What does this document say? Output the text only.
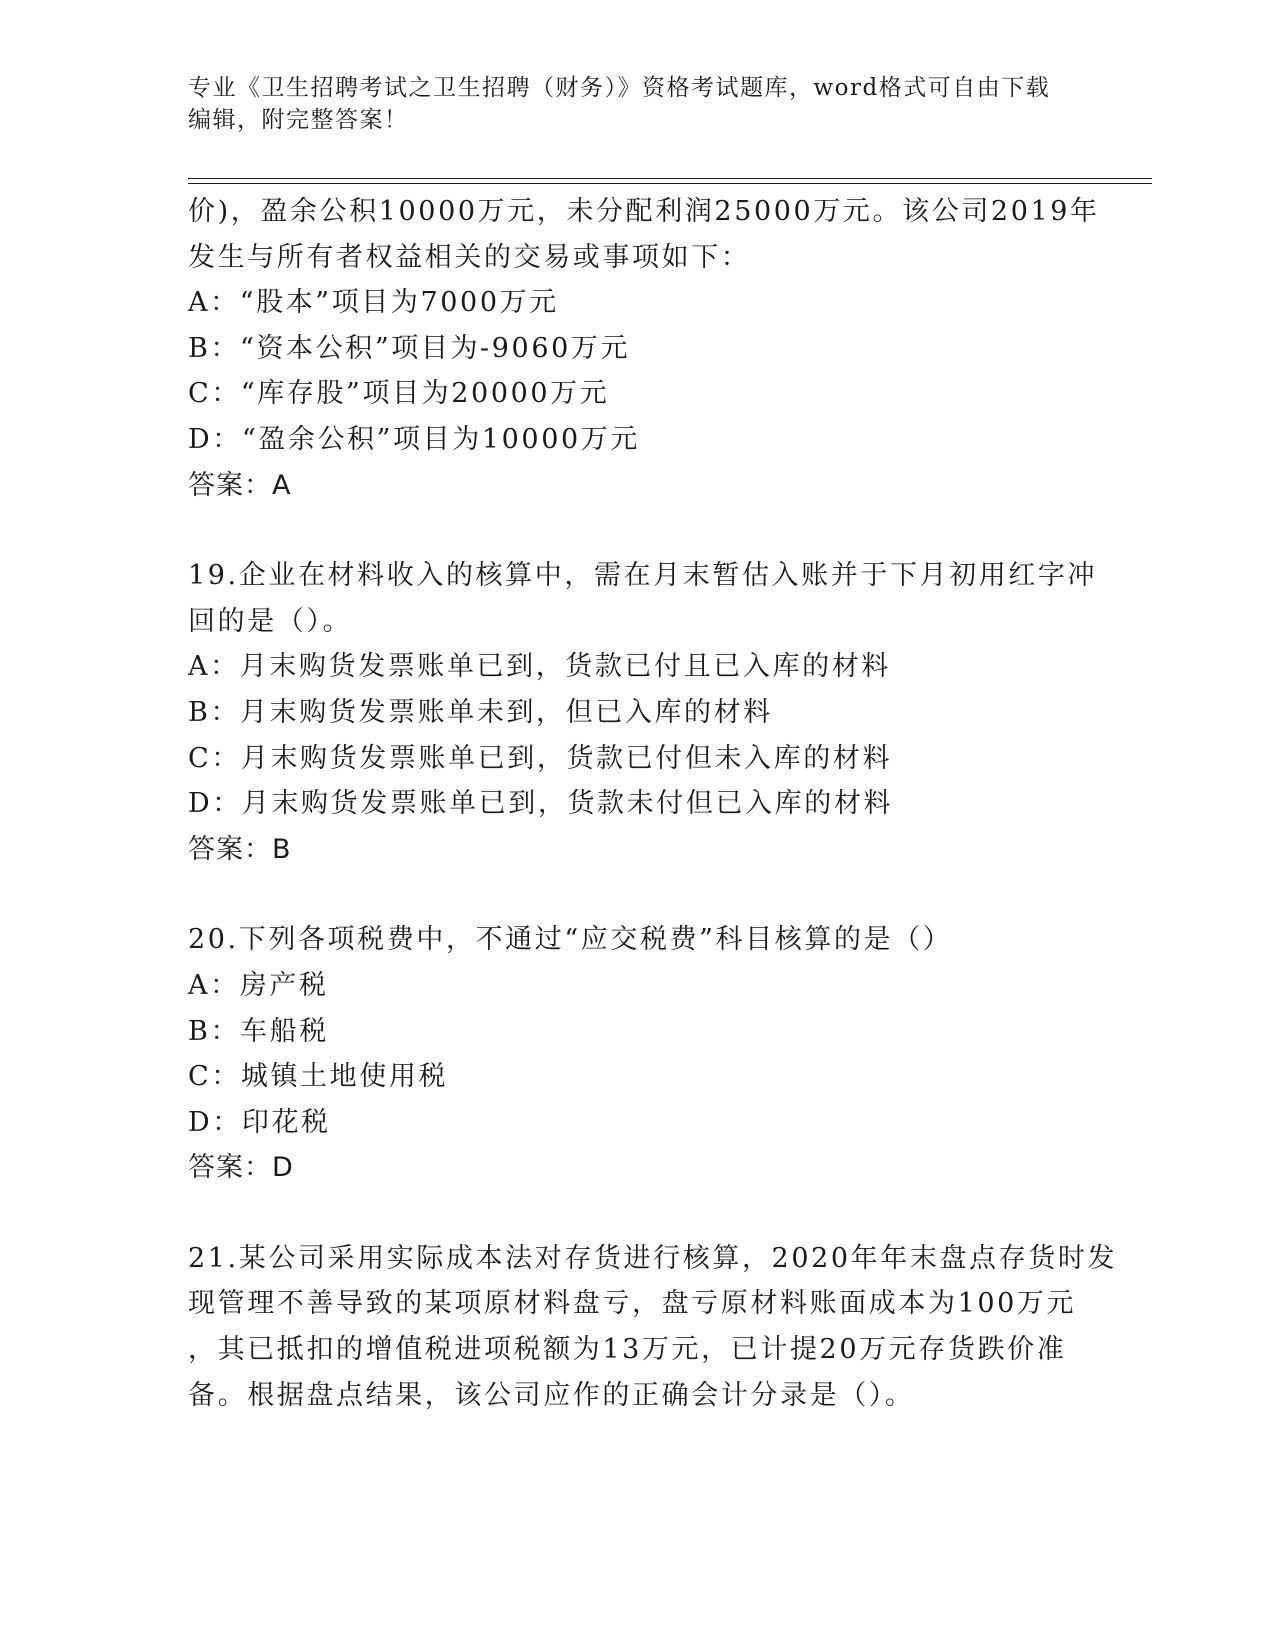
专业《卫生招聘考试之卫生招聘（财务）》资格考试题库，word格式可自由下载
编辑，附完整答案！
价)，盈余公积10000万元，未分配利润25000万元。该公司2019年
发生与所有者权益相关的交易或事项如下：
A：“股本”项目为7000万元
B：“资本公积”项目为-9060万元
C：“库存股”项目为20000万元
D：“盈余公积”项目为10000万元
答案：A
19.企业在材料收入的核算中，需在月末暂估入账并于下月初用红字冲
回的是（）。
A：月末购货发票账单已到，货款已付且已入库的材料
B：月末购货发票账单未到，但已入库的材料
C：月末购货发票账单已到，货款已付但未入库的材料
D：月末购货发票账单已到，货款未付但已入库的材料
答案：B
20.下列各项税费中，不通过“应交税费”科目核算的是（）
A：房产税
B：车船税
C：城镇土地使用税
D：印花税
答案：D
21.某公司采用实际成本法对存货进行核算，2020年年末盘点存货时发
现管理不善导致的某项原材料盘亏，盘亏原材料账面成本为100万元
，其已抵扣的增值税进项税额为13万元，已计提20万元存货跌价准
备。根据盘点结果，该公司应作的正确会计分录是（）。
